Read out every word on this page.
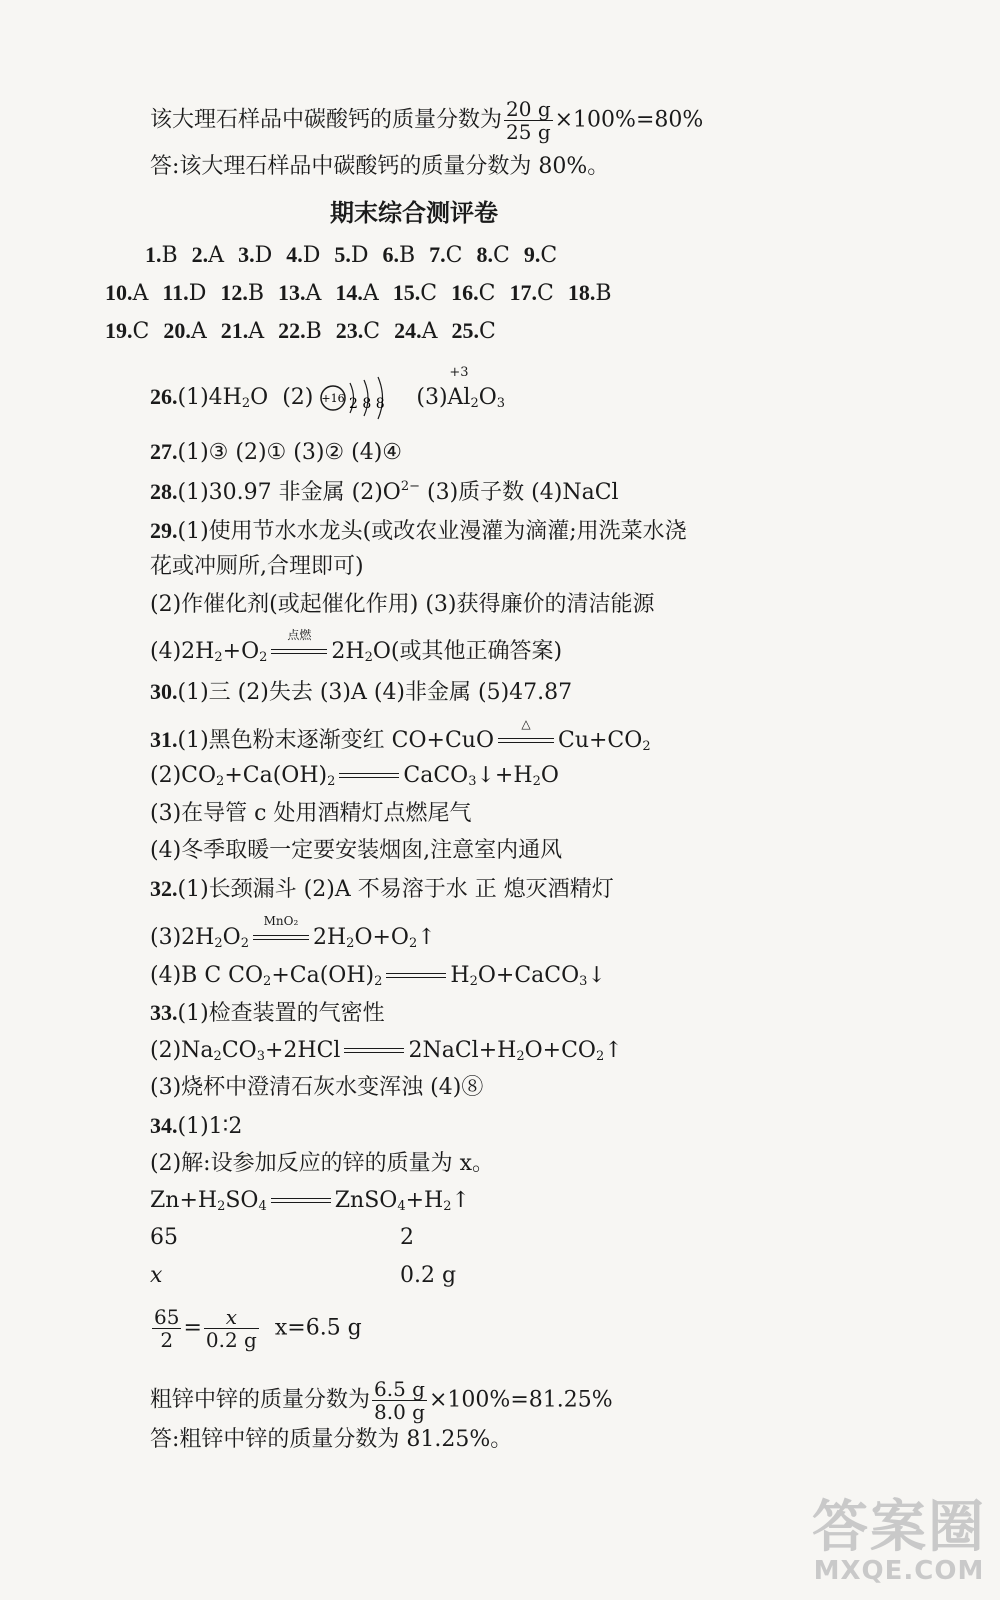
该大理石样品中碳酸钙的质量分数为 $\frac{20 g}{25 g} \times 100\%=80\%$
答:该大理石样品中碳酸钙的质量分数为 80%。
期末综合测评卷
1.B 2.A 3.D 4.D 5.D 6.B 7.C 8.C 9.C
10.A 11.D 12.B 13.A 14.A 15.C 16.C 17.C 18.B
19.C 20.A 21.A 22.B 23.C 24.A 25.C
$26.(1)4H_2O$ (2) +16 2 8 8 (3)
+3
$Al_2O_3$
27.(1)③ (2)① (3)② (4)④
28.(1)30.97 非金属 $(2)O^{2-}$ (3)质子数 (4)NaCl
29.(1)使用节水水龙头(或改农业漫灌为滴灌;用洗菜水浇
花或冲厕所,合理即可)
(2)作催化剂(或起催化作用) (3)获得廉价的清洁能源
$(4)2H_2+O_2$
点燃
$2H_2O$(或其他正确答案)
30.(1)三 (2)失去 (3)A (4)非金属 (5)47.87
31.(1)黑色粉末逐渐变红 CO+CuO
△
$Cu+CO_2$
$(2)CO_2+Ca(OH)_2$	$CaCO_3↓+H_2O$
(3)在导管 c 处用酒精灯点燃尾气
(4)冬季取暖一定要安装烟囱,注意室内通风
32.(1)长颈漏斗 (2)A 不易溶于水 正 熄灭酒精灯
$(3)2H_2O_2$
MnO₂
$2H_2O+O_2↑$
(4)B C $CO_2+Ca(OH)_2$	$H_2O+CaCO_3↓$
33.(1)检查装置的气密性
$(2)Na_2CO_3+2HCl$	$2NaCl+H_2O+CO_2↑$
(3)烧杯中澄清石灰水变浑浊 (4)⑧
34.(1)1∶2
(2)解:设参加反应的锌的质量为 x。
$Zn+H_2SO_4$	$ZnSO_4+H_2↑$
65	2
x	0.2 g
$\frac{65}{2} = \frac{x}{0.2 g} x=6.5$ g
粗锌中锌的质量分数为 $\frac{6.5 g}{8.0 g} \times 100\%=81.25\%$
答:粗锌中锌的质量分数为 81.25%。
答案圈
MXQE.COM
